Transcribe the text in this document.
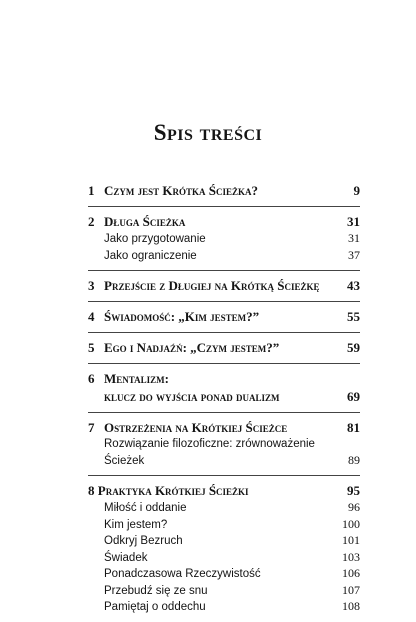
Spis treści
1 Czym jest Krótka Ścieżka?	9
2 Długa Ścieżka	31
Jako przygotowanie	31
Jako ograniczenie	37
3 Przejście z Długiej na Krótką Ścieżkę 43
4 Świadomość: „Kim jestem?”	55
5 Ego i Nadjaźń: „Czym jestem?”	59
6 Mentalizm:
klucz do wyjścia ponad dualizm	69
7 Ostrzeżenia na Krótkiej Ścieżce	81
Rozwiązanie filozoficzne: zrównoważenie
Ścieżek	89
8 Praktyka Krótkiej Ścieżki	95
Miłość i oddanie	96
Kim jestem?	100
Odkryj Bezruch	101
Świadek	103
Ponadczasowa Rzeczywistość	106
Przebudź się ze snu	107
Pamiętaj o oddechu	108
